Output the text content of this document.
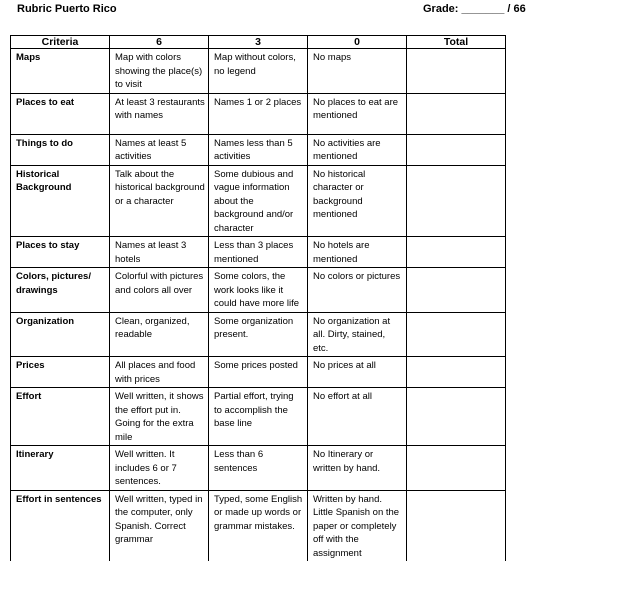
Rubric Puerto Rico	Grade: _______ / 66
Criteria	6	3	0	Total
Maps	Map with colors showing the place(s) to visit	Map without colors, no legend	No maps	
Places to eat	At least 3 restaurants with names	Names 1 or 2 places	No places to eat are mentioned	
Things to do	Names at least 5 activities	Names less than 5 activities	No activities are mentioned	
Historical Background	Talk about the historical background or a character	Some dubious and vague information about the background and/or character	No historical character or background mentioned	
Places to stay	Names at least 3 hotels	Less than 3 places mentioned	No hotels are mentioned	
Colors, pictures/ drawings	Colorful with pictures and colors all over	Some colors, the work looks like it could have more life	No colors or pictures	
Organization	Clean, organized, readable	Some organization present.	No organization at all. Dirty, stained, etc.	
Prices	All places and food with prices	Some prices posted	No prices at all	
Effort	Well written, it shows the effort put in. Going for the extra mile	Partial effort, trying to accomplish the base line	No effort at all	
Itinerary	Well written. It includes 6 or 7 sentences.	Less than 6 sentences	No Itinerary or written by hand.	
Effort in sentences	Well written, typed in the computer, only Spanish. Correct grammar	Typed, some English or made up words or grammar mistakes.	Written by hand. Little Spanish on the paper or completely off with the assignment	
